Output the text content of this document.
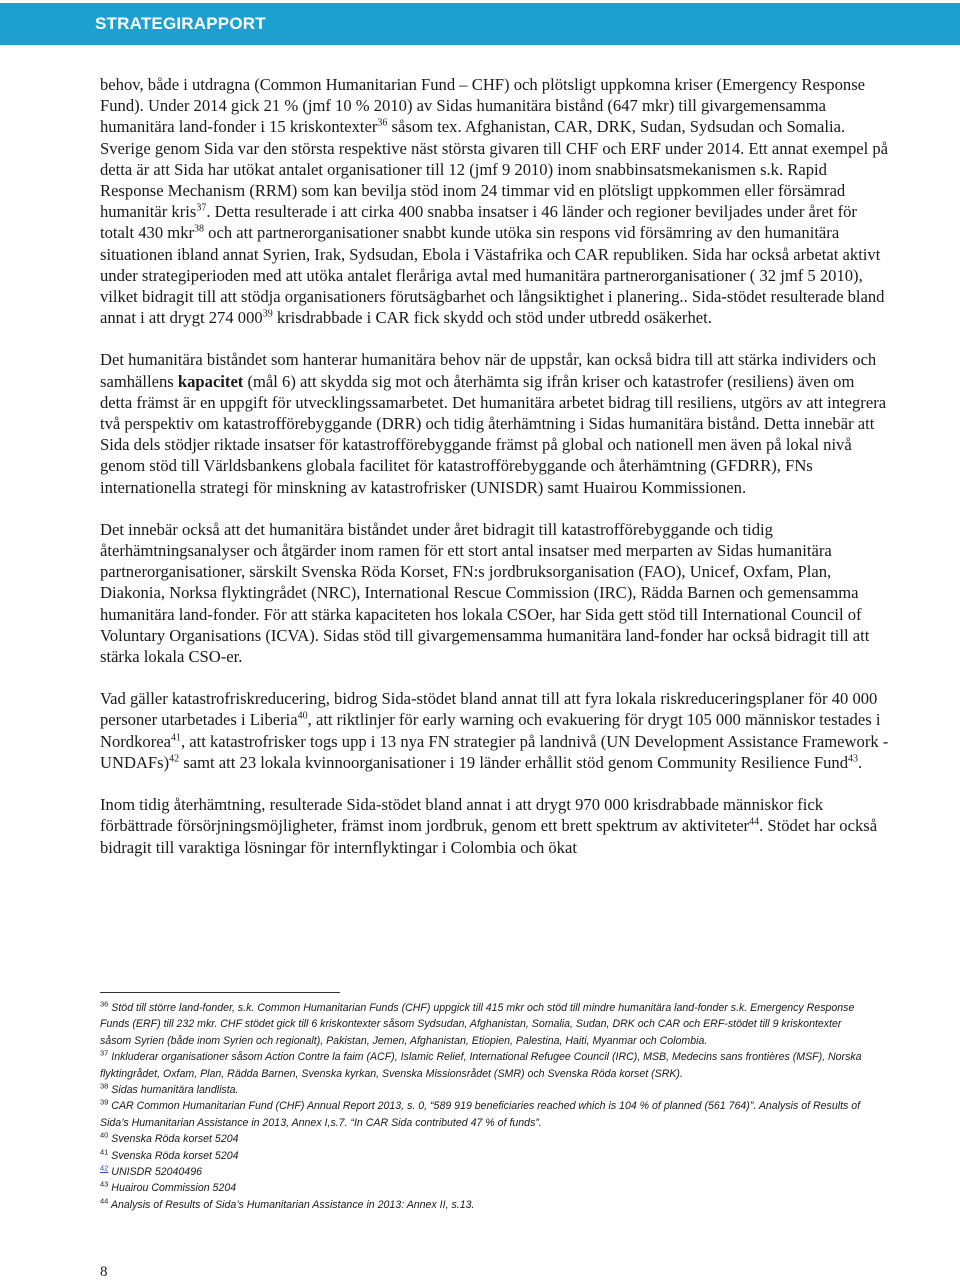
STRATEGIRAPPORT

behov, både i utdragna (Common Humanitarian Fund – CHF) och plötsligt uppkomna kriser (Emergency Response Fund). Under 2014 gick 21 % (jmf 10 % 2010) av Sidas humanitära bistånd (647 mkr) till givargemensamma humanitära land-fonder i 15 kriskontexter$^{36}$ såsom tex. Afghanistan, CAR, DRK, Sudan, Sydsudan och Somalia. Sverige genom Sida var den största respektive näst största givaren till CHF och ERF under 2014. Ett annat exempel på detta är att Sida har utökat antalet organisationer till 12 (jmf 9 2010) inom snabbinsatsmekanismen s.k. Rapid Response Mechanism (RRM) som kan bevilja stöd inom 24 timmar vid en plötsligt uppkommen eller försämrad humanitär kris$^{37}$. Detta resulterade i att cirka 400 snabba insatser i 46 länder och regioner beviljades under året för totalt 430 mkr$^{38}$ och att partnerorganisationer snabbt kunde utöka sin respons vid försämring av den humanitära situationen ibland annat Syrien, Irak, Sydsudan, Ebola i Västafrika och CAR republiken. Sida har också arbetat aktivt under strategiperioden med att utöka antalet fleråriga avtal med humanitära partnerorganisationer ( 32 jmf 5 2010), vilket bidragit till att stödja organisationers förutsägbarhet och långsiktighet i planering.. Sida-stödet resulterade bland annat i att drygt 274 $000^{39}$ krisdrabbade i CAR fick skydd och stöd under utbredd osäkerhet.

Det humanitära biståndet som hanterar humanitära behov när de uppstår, kan också bidra till att stärka individers och samhällens kapacitet (mål 6) att skydda sig mot och återhämta sig ifrån kriser och katastrofer (resiliens) även om detta främst är en uppgift för utvecklingssamarbetet. Det humanitära arbetet bidrag till resiliens, utgörs av att integrera två perspektiv om katastrofförebyggande (DRR) och tidig återhämtning i Sidas humanitära bistånd. Detta innebär att Sida dels stödjer riktade insatser för katastrofförebyggande främst på global och nationell men även på lokal nivå genom stöd till Världsbankens globala facilitet för katastrofförebyggande och återhämtning (GFDRR), FNs internationella strategi för minskning av katastrofrisker (UNISDR) samt Huairou Kommissionen.

Det innebär också att det humanitära biståndet under året bidragit till katastrofförebyggande och tidig återhämtningsanalyser och åtgärder inom ramen för ett stort antal insatser med merparten av Sidas humanitära partnerorganisationer, särskilt Svenska Röda Korset, FN:s jordbruksorganisation (FAO), Unicef, Oxfam, Plan, Diakonia, Norksa flyktingrådet (NRC), International Rescue Commission (IRC), Rädda Barnen och gemensamma humanitära land-fonder. För att stärka kapaciteten hos lokala CSOer, har Sida gett stöd till International Council of Voluntary Organisations (ICVA). Sidas stöd till givargemensamma humanitära land-fonder har också bidragit till att stärka lokala CSO-er.

Vad gäller katastrofriskreducering, bidrog Sida-stödet bland annat till att fyra lokala riskreduceringsplaner för 40 000 personer utarbetades i Liberia$^{40}$, att riktlinjer för early warning och evakuering för drygt 105 000 människor testades i Nordkorea$^{41}$, att katastrofrisker togs upp i 13 nya FN strategier på landnivå (UN Development Assistance Framework - UNDAFs)$^{42}$ samt att 23 lokala kvinnoorganisationer i 19 länder erhållit stöd genom Community Resilience Fund$^{43}$.

Inom tidig återhämtning, resulterade Sida-stödet bland annat i att drygt 970 000 krisdrabbade människor fick förbättrade försörjningsmöjligheter, främst inom jordbruk, genom ett brett spektrum av aktiviteter$^{44}$. Stödet har också bidragit till varaktiga lösningar för internflyktingar i Colombia och ökat

$^{36}$ Stöd till större land-fonder, s.k. Common Humanitarian Funds (CHF) uppgick till 415 mkr och stöd till mindre humanitära land-fonder s.k. Emergency Response Funds (ERF) till 232 mkr. CHF stödet gick till 6 kriskontexter såsom Sydsudan, Afghanistan, Somalia, Sudan, DRK och CAR och ERF-stödet till 9 kriskontexter såsom Syrien (både inom Syrien och regionalt), Pakistan, Jemen, Afghanistan, Etiopien, Palestina, Haiti, Myanmar och Colombia.

$^{37}$ Inkluderar organisationer såsom Action Contre la faim (ACF), Islamic Relief, International Refugee Council (IRC), MSB, Medecins sans frontières (MSF), Norska flyktingrådet, Oxfam, Plan, Rädda Barnen, Svenska kyrkan, Svenska Missionsrådet (SMR) och Svenska Röda korset (SRK).

$^{38}$ Sidas humanitära landlista.

$^{39}$ CAR Common Humanitarian Fund (CHF) Annual Report 2013, s. 0, “589 919 beneficiaries reached which is 104 % of planned (561 764)”. Analysis of Results of Sida’s Humanitarian Assistance in 2013, Annex I,s.7. “In CAR Sida contributed 47 % of funds”.

$^{40}$ Svenska Röda korset 5204

$^{41}$ Svenska Röda korset 5204

$^{42}$ UNISDR 52040496

$^{43}$ Huairou Commission 5204

$^{44}$ Analysis of Results of Sida’s Humanitarian Assistance in 2013: Annex II, s.13.

8
